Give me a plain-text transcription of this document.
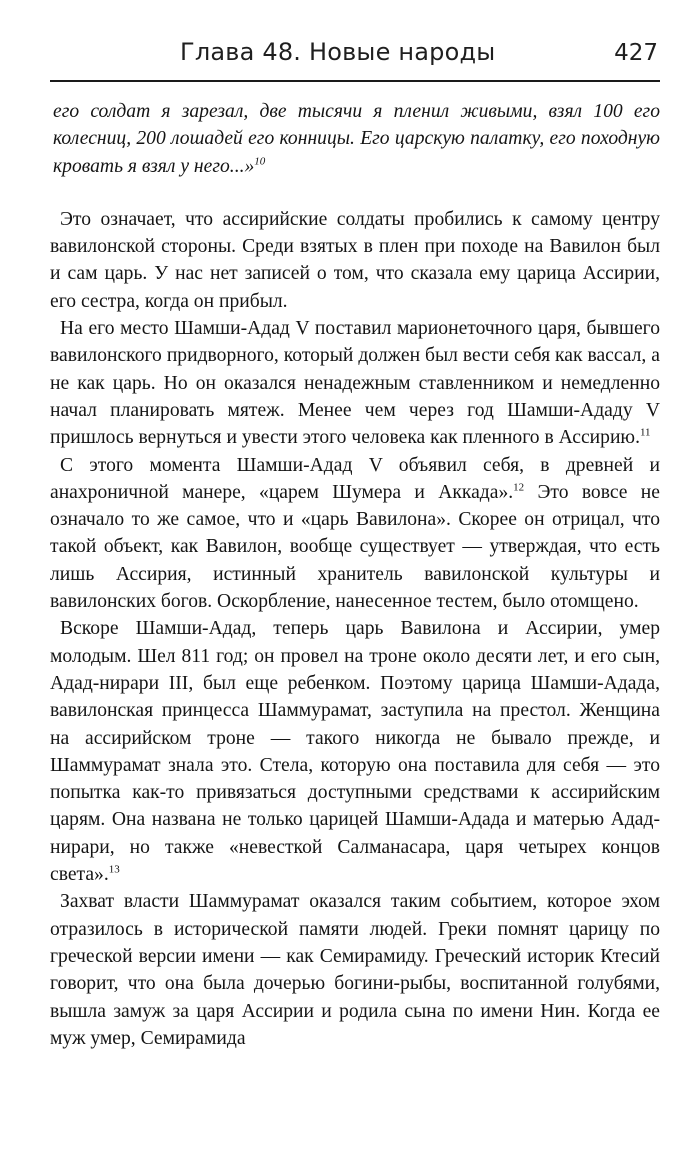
Глава 48. Новые народы	427

его солдат я зарезал, две тысячи я пленил живыми, взял 100 его колесниц, 200 лошадей его конницы. Его царскую палатку, его походную кровать я взял у него...»$^{10}$

Это означает, что ассирийские солдаты пробились к самому центру вавилонской стороны. Среди взятых в плен при походе на Вавилон был и сам царь. У нас нет записей о том, что сказала ему царица Ассирии, его сестра, когда он прибыл.

На его место Шамши-Адад V поставил марионеточного царя, бывшего вавилонского придворного, который должен был вести себя как вассал, а не как царь. Но он оказался ненадежным ставленником и немедленно начал планировать мятеж. Менее чем через год Шамши-Ададу V пришлось вернуться и увести этого человека как пленного в Ассирию.$^{11}$

С этого момента Шамши-Адад V объявил себя, в древней и анахроничной манере, «царем Шумера и Аккада».$^{12}$ Это вовсе не означало то же самое, что и «царь Вавилона». Скорее он отрицал, что такой объект, как Вавилон, вообще существует — утверждая, что есть лишь Ассирия, истинный хранитель вавилонской культуры и вавилонских богов. Оскорбление, нанесенное тестем, было отомщено.

Вскоре Шамши-Адад, теперь царь Вавилона и Ассирии, умер молодым. Шел 811 год; он провел на троне около десяти лет, и его сын, Адад-нирари III, был еще ребенком. Поэтому царица Шамши-Адада, вавилонская принцесса Шаммурамат, заступила на престол. Женщина на ассирийском троне — такого никогда не бывало прежде, и Шаммурамат знала это. Стела, которую она поставила для себя — это попытка как-то привязаться доступными средствами к ассирийским царям. Она названа не только царицей Шамши-Адада и матерью Адад-нирари, но также «невесткой Салманасара, царя четырех концов света».$^{13}$

Захват власти Шаммурамат оказался таким событием, которое эхом отразилось в исторической памяти людей. Греки помнят царицу по греческой версии имени — как Семирамиду. Греческий историк Ктесий говорит, что она была дочерью богини-рыбы, воспитанной голубями, вышла замуж за царя Ассирии и родила сына по имени Нин. Когда ее муж умер, Семирамида
